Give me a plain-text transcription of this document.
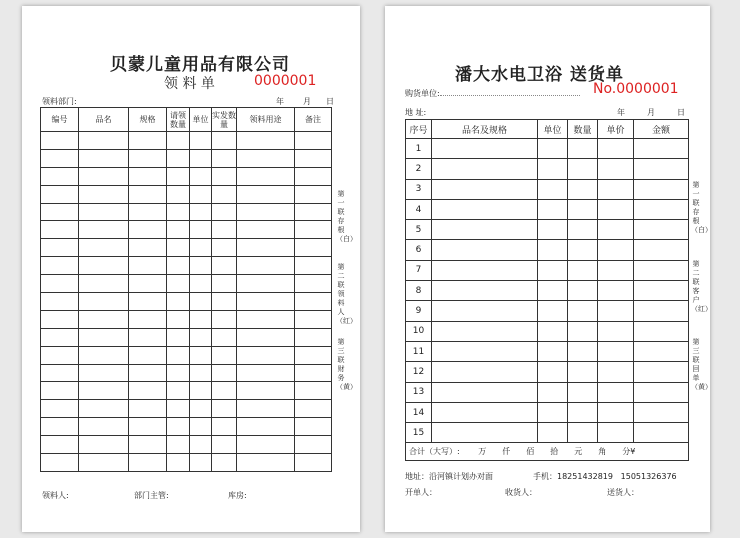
贝蒙儿童用品有限公司
领 料 单	0000001
领料部门:	年 月 日
编号	品名	规格	请领数量	单位	实发数量	领料用途	备注

第一联存根（白）
第二联领料人（红）
第三联财务（黄）
领料人:	部门主管:	库房:
潘大水电卫浴 送货单
购货单位:	No.0000001
地 址:	年	月	日
序号	品名及规格	单位	数量	单价	金额
1					
2					
3					
4					
5					
6					
7					
8					
9					
10					
11					
12					
13					
14					
15					
合计（大写）: 万 仟 佰 拾 元 角 分¥					
第一联存根（白）
第二联客户（红）
第三联回单（黄）
地址：沿河镇计划办对面	手机：18251432819 15051326376
开单人：	收货人：	送货人：
